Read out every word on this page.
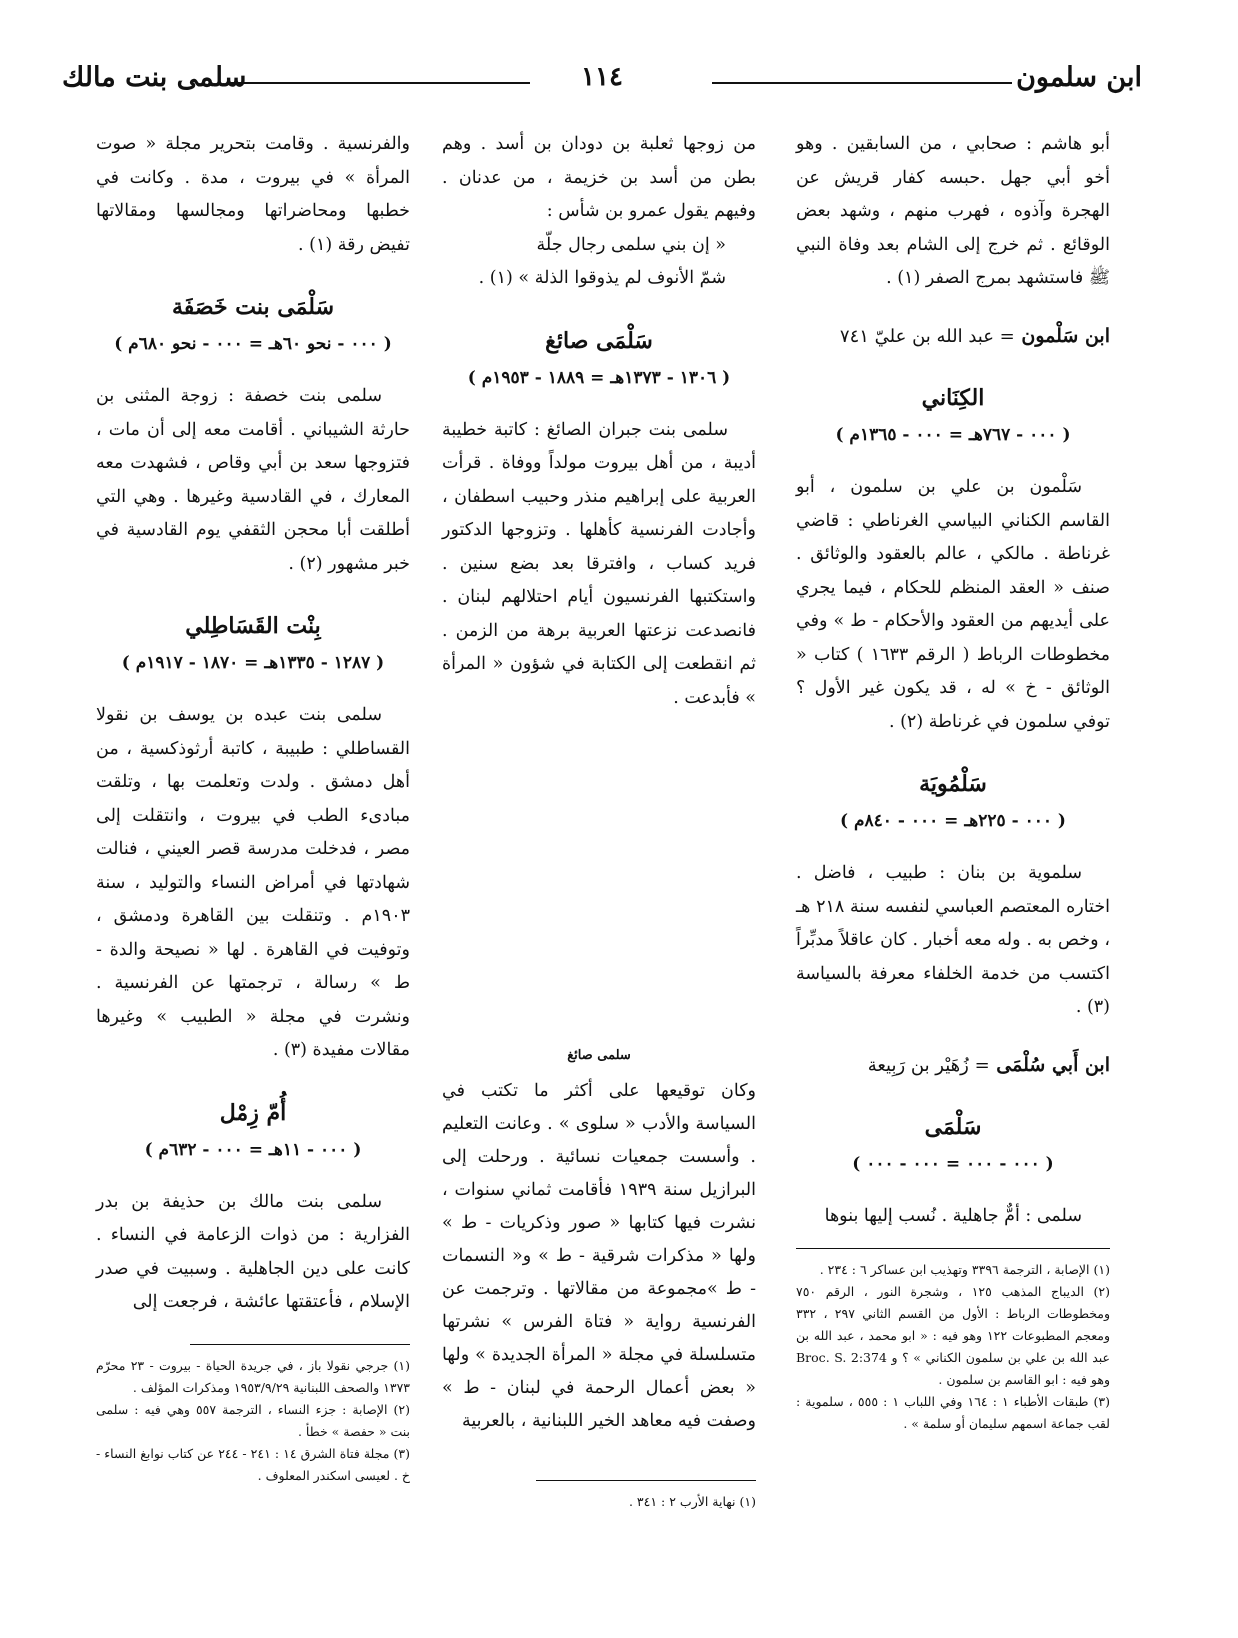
ابن سلمون
١١٤
سلمى بنت مالك

أبو هاشم : صحابي ، من السابقين . وهو أخو أبي جهل .حبسه كفار قريش عن الهجرة وآذوه ، فهرب منهم ، وشهد بعض الوقائع . ثم خرج إلى الشام بعد وفاة النبي ﷺ فاستشهد بمرج الصفر (١) .

ابن سَلْمون = عبد الله بن عليّ ٧٤١
الكِنَاني
( ٠٠٠ - ٧٦٧هـ = ٠٠٠ - ١٣٦٥م )

سَلْمون بن علي بن سلمون ، أبو القاسم الكناني البياسي الغرناطي : قاضي غرناطة . مالكي ، عالم بالعقود والوثائق . صنف « العقد المنظم للحكام ، فيما يجري على أيديهم من العقود والأحكام - ط » وفي مخطوطات الرباط ( الرقم ١٦٣٣ ) كتاب « الوثائق - خ » له ، قد يكون غير الأول ؟ توفي سلمون في غرناطة (٢) .

سَلْمُويَة
( ٠٠٠ - ٢٢٥هـ = ٠٠٠ - ٨٤٠م )

سلموية بن بنان : طبيب ، فاضل . اختاره المعتصم العباسي لنفسه سنة ٢١٨ هـ ، وخص به . وله معه أخبار . كان عاقلاً مدبِّراً اكتسب من خدمة الخلفاء معرفة بالسياسة (٣) .

ابن أَبي سُلْمَى = زُهَيْر بن رَبِيعة
سَلْمَى
( ٠٠٠ - ٠٠٠ = ٠٠٠ - ٠٠٠ )

سلمى : أمٌّ جاهلية . نُسب إليها بنوها

(١) الإصابة ، الترجمة ٣٣٩٦ وتهذيب ابن عساكر ٦ : ٢٣٤ .

(٢) الديباج المذهب ١٢٥ ، وشجرة النور ، الرقم ٧٥٠ ومخطوطات الرباط : الأول من القسم الثاني ٢٩٧ ، ٣٣٢ ومعجم المطبوعات ١٢٢ وهو فيه : « ابو محمد ، عبد الله بن عبد الله بن علي بن سلمون الكناني » ؟ و Broc. S. 2:374 وهو فيه : ابو القاسم بن سلمون .

(٣) طبقات الأطباء ١ : ١٦٤ وفي اللباب ١ : ٥٥٥ ، سلموية : لقب جماعة اسمهم سليمان أو سلمة » .

من زوجها ثعلبة بن دودان بن أسد . وهم بطن من أسد بن خزيمة ، من عدنان . وفيهم يقول عمرو بن شأس :

« إن بني سلمى رجال جلّة

شمّ الأنوف لم يذوقوا الذلة » (١) .

سَلْمَى صائغ
( ١٣٠٦ - ١٣٧٣هـ = ١٨٨٩ - ١٩٥٣م )

سلمى بنت جبران الصائغ : كاتبة خطيبة أديبة ، من أهل بيروت مولداً ووفاة . قرأت العربية على إبراهيم منذر وحبيب اسطفان ، وأجادت الفرنسية كأهلها . وتزوجها الدكتور فريد كساب ، وافترقا بعد بضع سنين . واستكتبها الفرنسيون أيام احتلالهم لبنان . فانصدعت نزعتها العربية برهة من الزمن . ثم انقطعت إلى الكتابة في شؤون « المرأة » فأبدعت .

سلمى صائغ

وكان توقيعها على أكثر ما تكتب في السياسة والأدب « سلوى » . وعانت التعليم . وأسست جمعيات نسائية . ورحلت إلى البرازيل سنة ١٩٣٩ فأقامت ثماني سنوات ، نشرت فيها كتابها « صور وذكريات - ط » ولها « مذكرات شرقية - ط » و« النسمات - ط »مجموعة من مقالاتها . وترجمت عن الفرنسية رواية « فتاة الفرس » نشرتها متسلسلة في مجلة « المرأة الجديدة » ولها « بعض أعمال الرحمة في لبنان - ط » وصفت فيه معاهد الخير اللبنانية ، بالعربية

(١) نهاية الأرب ٢ : ٣٤١ .

والفرنسية . وقامت بتحرير مجلة « صوت المرأة » في بيروت ، مدة . وكانت في خطبها ومحاضراتها ومجالسها ومقالاتها تفيض رقة (١) .

سَلْمَى بنت خَصَفَة
( ٠٠٠ - نحو ٦٠هـ = ٠٠٠ - نحو ٦٨٠م )

سلمى بنت خصفة : زوجة المثنى بن حارثة الشيباني . أقامت معه إلى أن مات ، فتزوجها سعد بن أبي وقاص ، فشهدت معه المعارك ، في القادسية وغيرها . وهي التي أطلقت أبا محجن الثقفي يوم القادسية في خبر مشهور (٢) .

بِنْت القَسَاطِلي
( ١٢٨٧ - ١٣٣٥هـ = ١٨٧٠ - ١٩١٧م )

سلمى بنت عبده بن يوسف بن نقولا القساطلي : طبيبة ، كاتبة أرثوذكسية ، من أهل دمشق . ولدت وتعلمت بها ، وتلقت مبادىء الطب في بيروت ، وانتقلت إلى مصر ، فدخلت مدرسة قصر العيني ، فنالت شهادتها في أمراض النساء والتوليد ، سنة ١٩٠٣م . وتنقلت بين القاهرة ودمشق ، وتوفيت في القاهرة . لها « نصيحة والدة - ط » رسالة ، ترجمتها عن الفرنسية . ونشرت في مجلة « الطبيب » وغيرها مقالات مفيدة (٣) .

أُمّ زِمْل
( ٠٠٠ - ١١هـ = ٠٠٠ - ٦٣٢م )

سلمى بنت مالك بن حذيفة بن بدر الفزارية : من ذوات الزعامة في النساء . كانت على دين الجاهلية . وسبيت في صدر الإسلام ، فأعتقتها عائشة ، فرجعت إلى

(١) جرجي نقولا باز ، في جريدة الحياة - بيروت - ٢٣ محرّم ١٣٧٣ والصحف اللبنانية ١٩٥٣/٩/٢٩ ومذكرات المؤلف .

(٢) الإصابة : جزء النساء ، الترجمة ٥٥٧ وهي فيه : سلمى بنت « حفصة » خطأ .

(٣) مجلة فتاة الشرق ١٤ : ٢٤١ - ٢٤٤ عن كتاب نوابغ النساء - خ . لعيسى اسكندر المعلوف .
